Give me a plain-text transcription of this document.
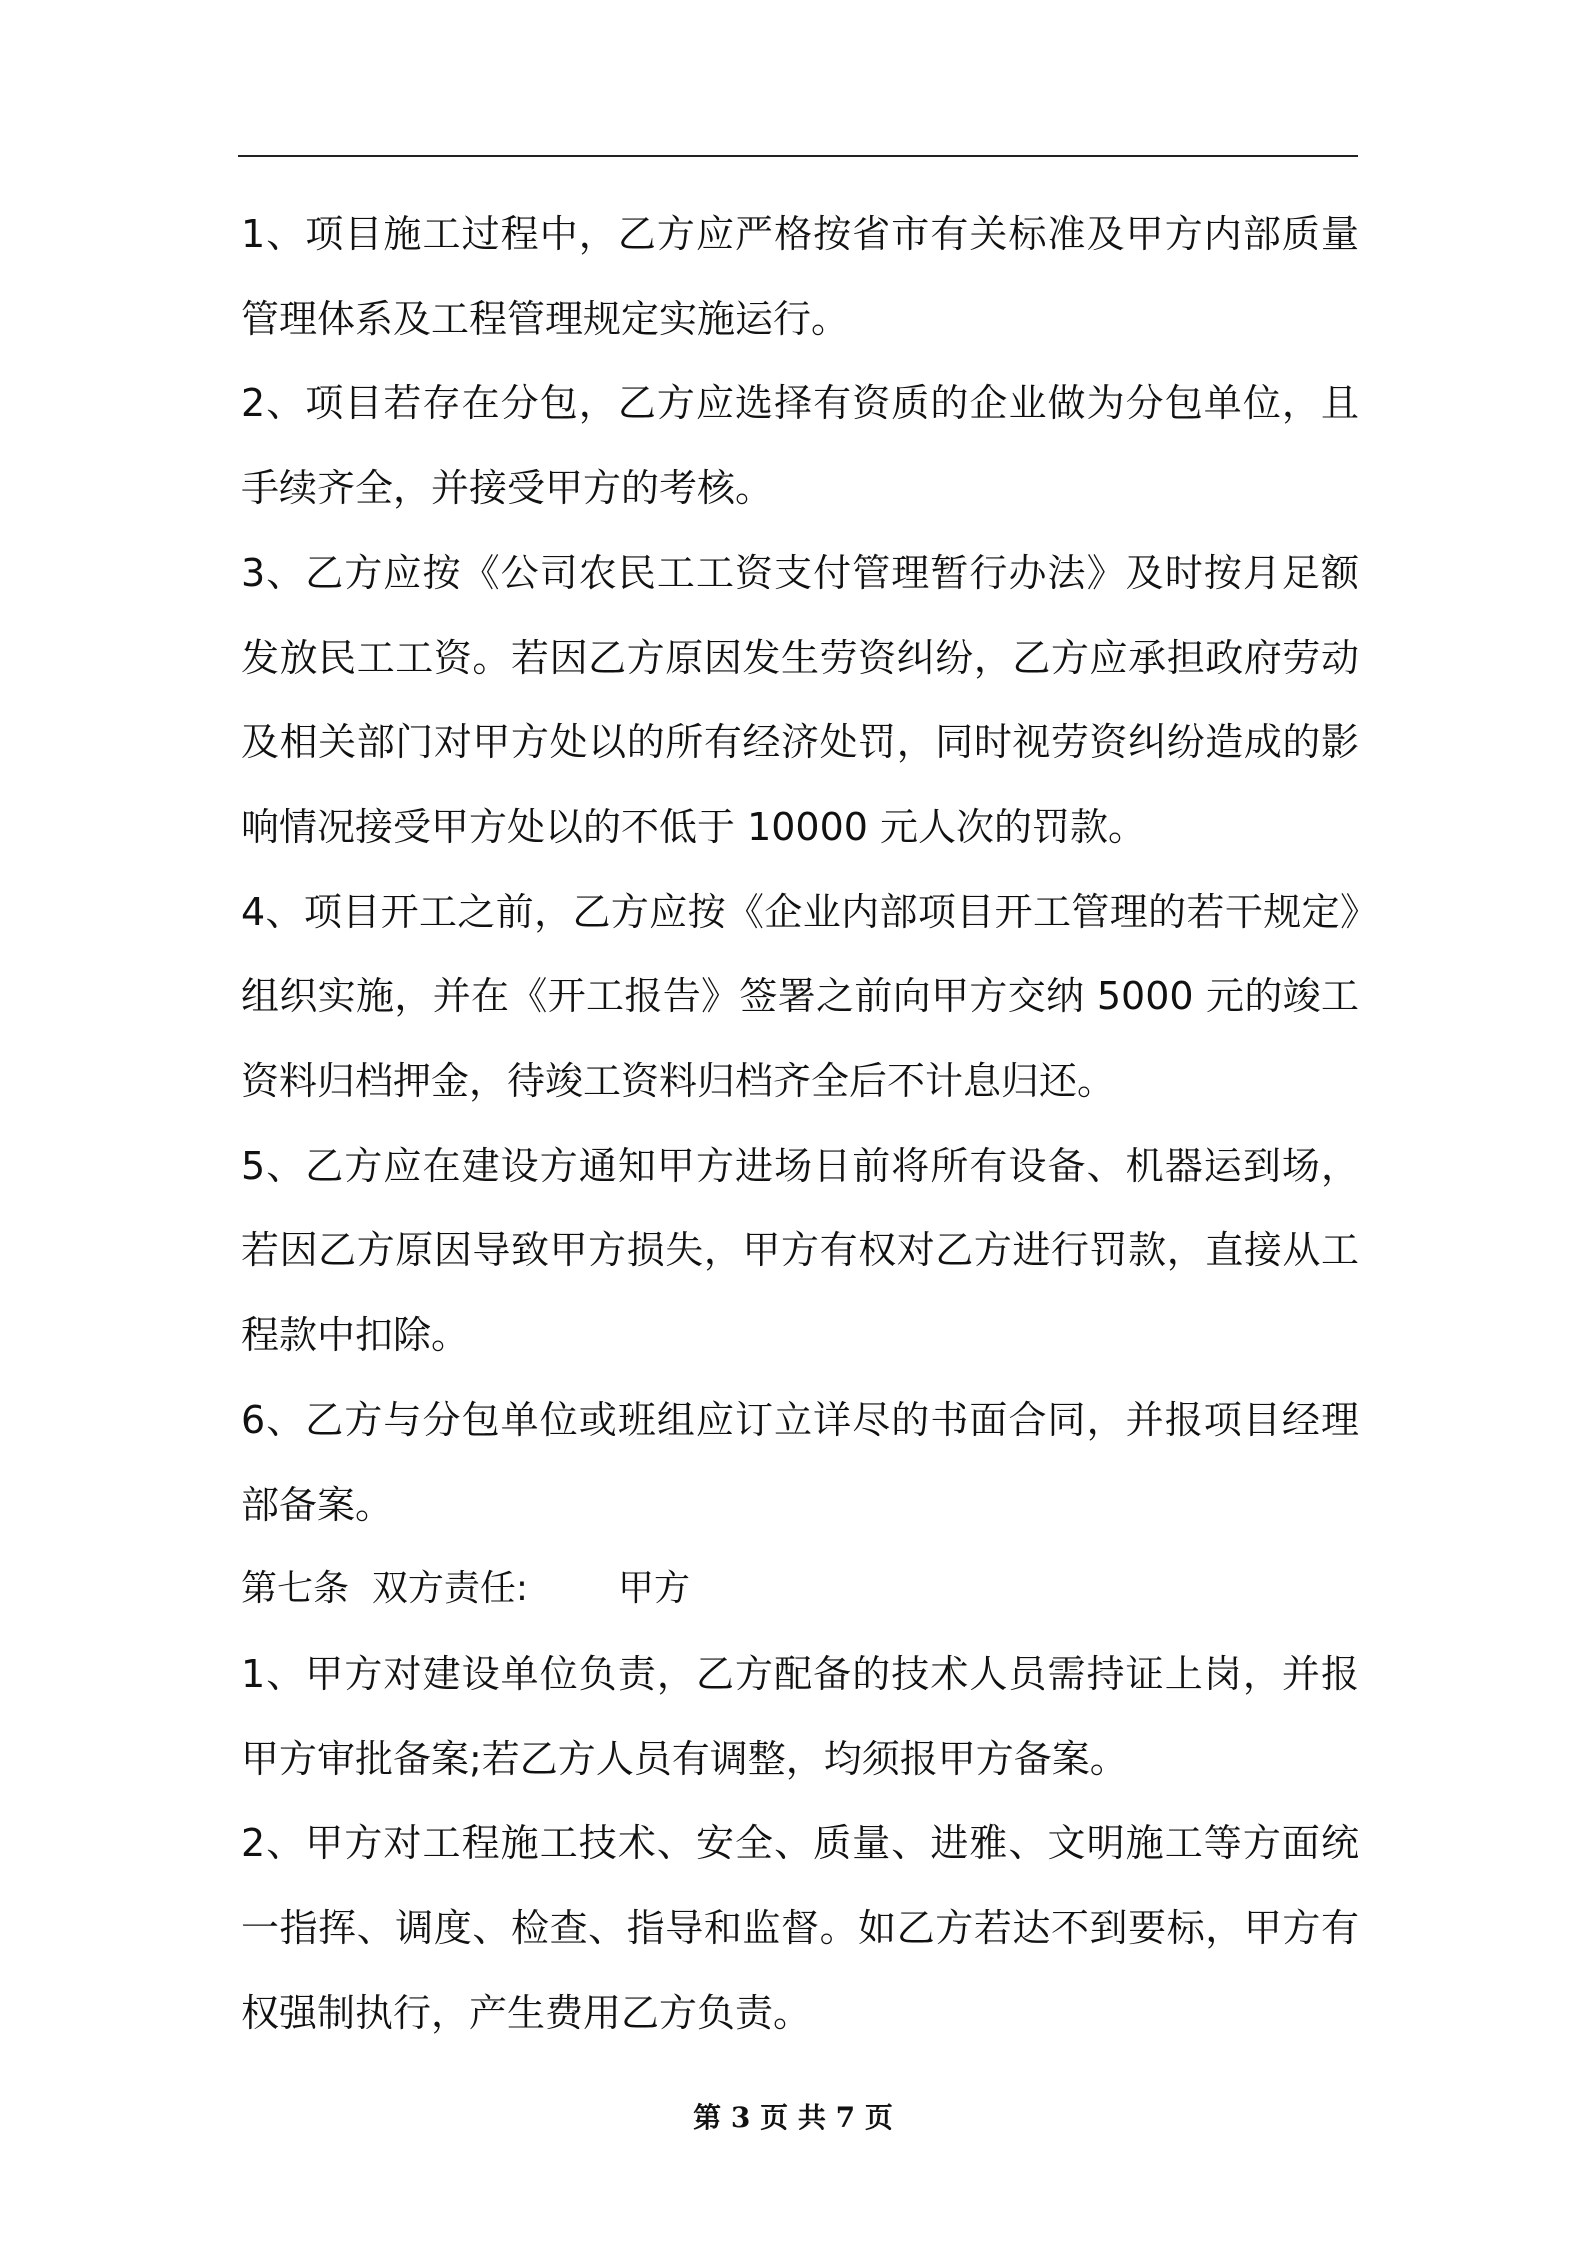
1、项目施工过程中，乙方应严格按省市有关标准及甲方内部质量管理体系及工程管理规定实施运行。

2、项目若存在分包，乙方应选择有资质的企业做为分包单位，且手续齐全，并接受甲方的考核。

3、乙方应按《公司农民工工资支付管理暂行办法》及时按月足额发放民工工资。若因乙方原因发生劳资纠纷，乙方应承担政府劳动及相关部门对甲方处以的所有经济处罚，同时视劳资纠纷造成的影响情况接受甲方处以的不低于 10000 元人次的罚款。

4、项目开工之前，乙方应按《企业内部项目开工管理的若干规定》组织实施，并在《开工报告》签署之前向甲方交纳 5000 元的竣工资料归档押金，待竣工资料归档齐全后不计息归还。

5、乙方应在建设方通知甲方进场日前将所有设备、机器运到场，若因乙方原因导致甲方损失，甲方有权对乙方进行罚款，直接从工程款中扣除。

6、乙方与分包单位或班组应订立详尽的书面合同，并报项目经理部备案。

第七条  双方责任:	甲方

1、甲方对建设单位负责，乙方配备的技术人员需持证上岗，并报甲方审批备案;若乙方人员有调整，均须报甲方备案。

2、甲方对工程施工技术、安全、质量、进雅、文明施工等方面统一指挥、调度、检查、指导和监督。如乙方若达不到要标，甲方有权强制执行，产生费用乙方负责。

第 3 页 共 7 页
